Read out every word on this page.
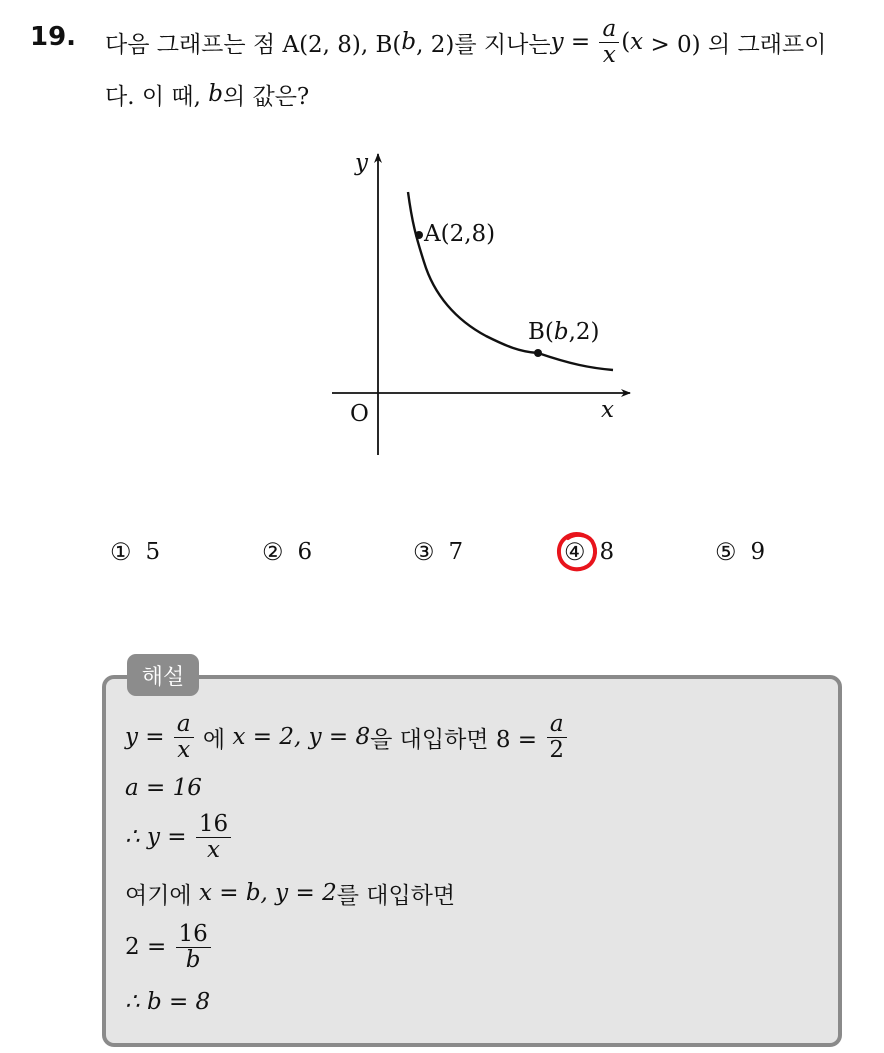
19. 다음 그래프는 점 A(2, 8), B( b , 2)를 지나는 $y = \frac{a}{x}$ ( x > 0) 의 그래프이
다. 이 때, b 의 값은?
y
x
O
A(2,8)
B(b,2)
① 5	② 6	③ 7	④ 8	⑤ 9
해설
$y = \frac{a}{x}$ 에 x = 2, y = 8 을 대입하면 $8 = \frac{a}{2}$
a = 16
∴ $y = \frac{16}{x}$
여기에 x = b, y = 2 를 대입하면
$2 = \frac{16}{b}$
∴ b = 8
